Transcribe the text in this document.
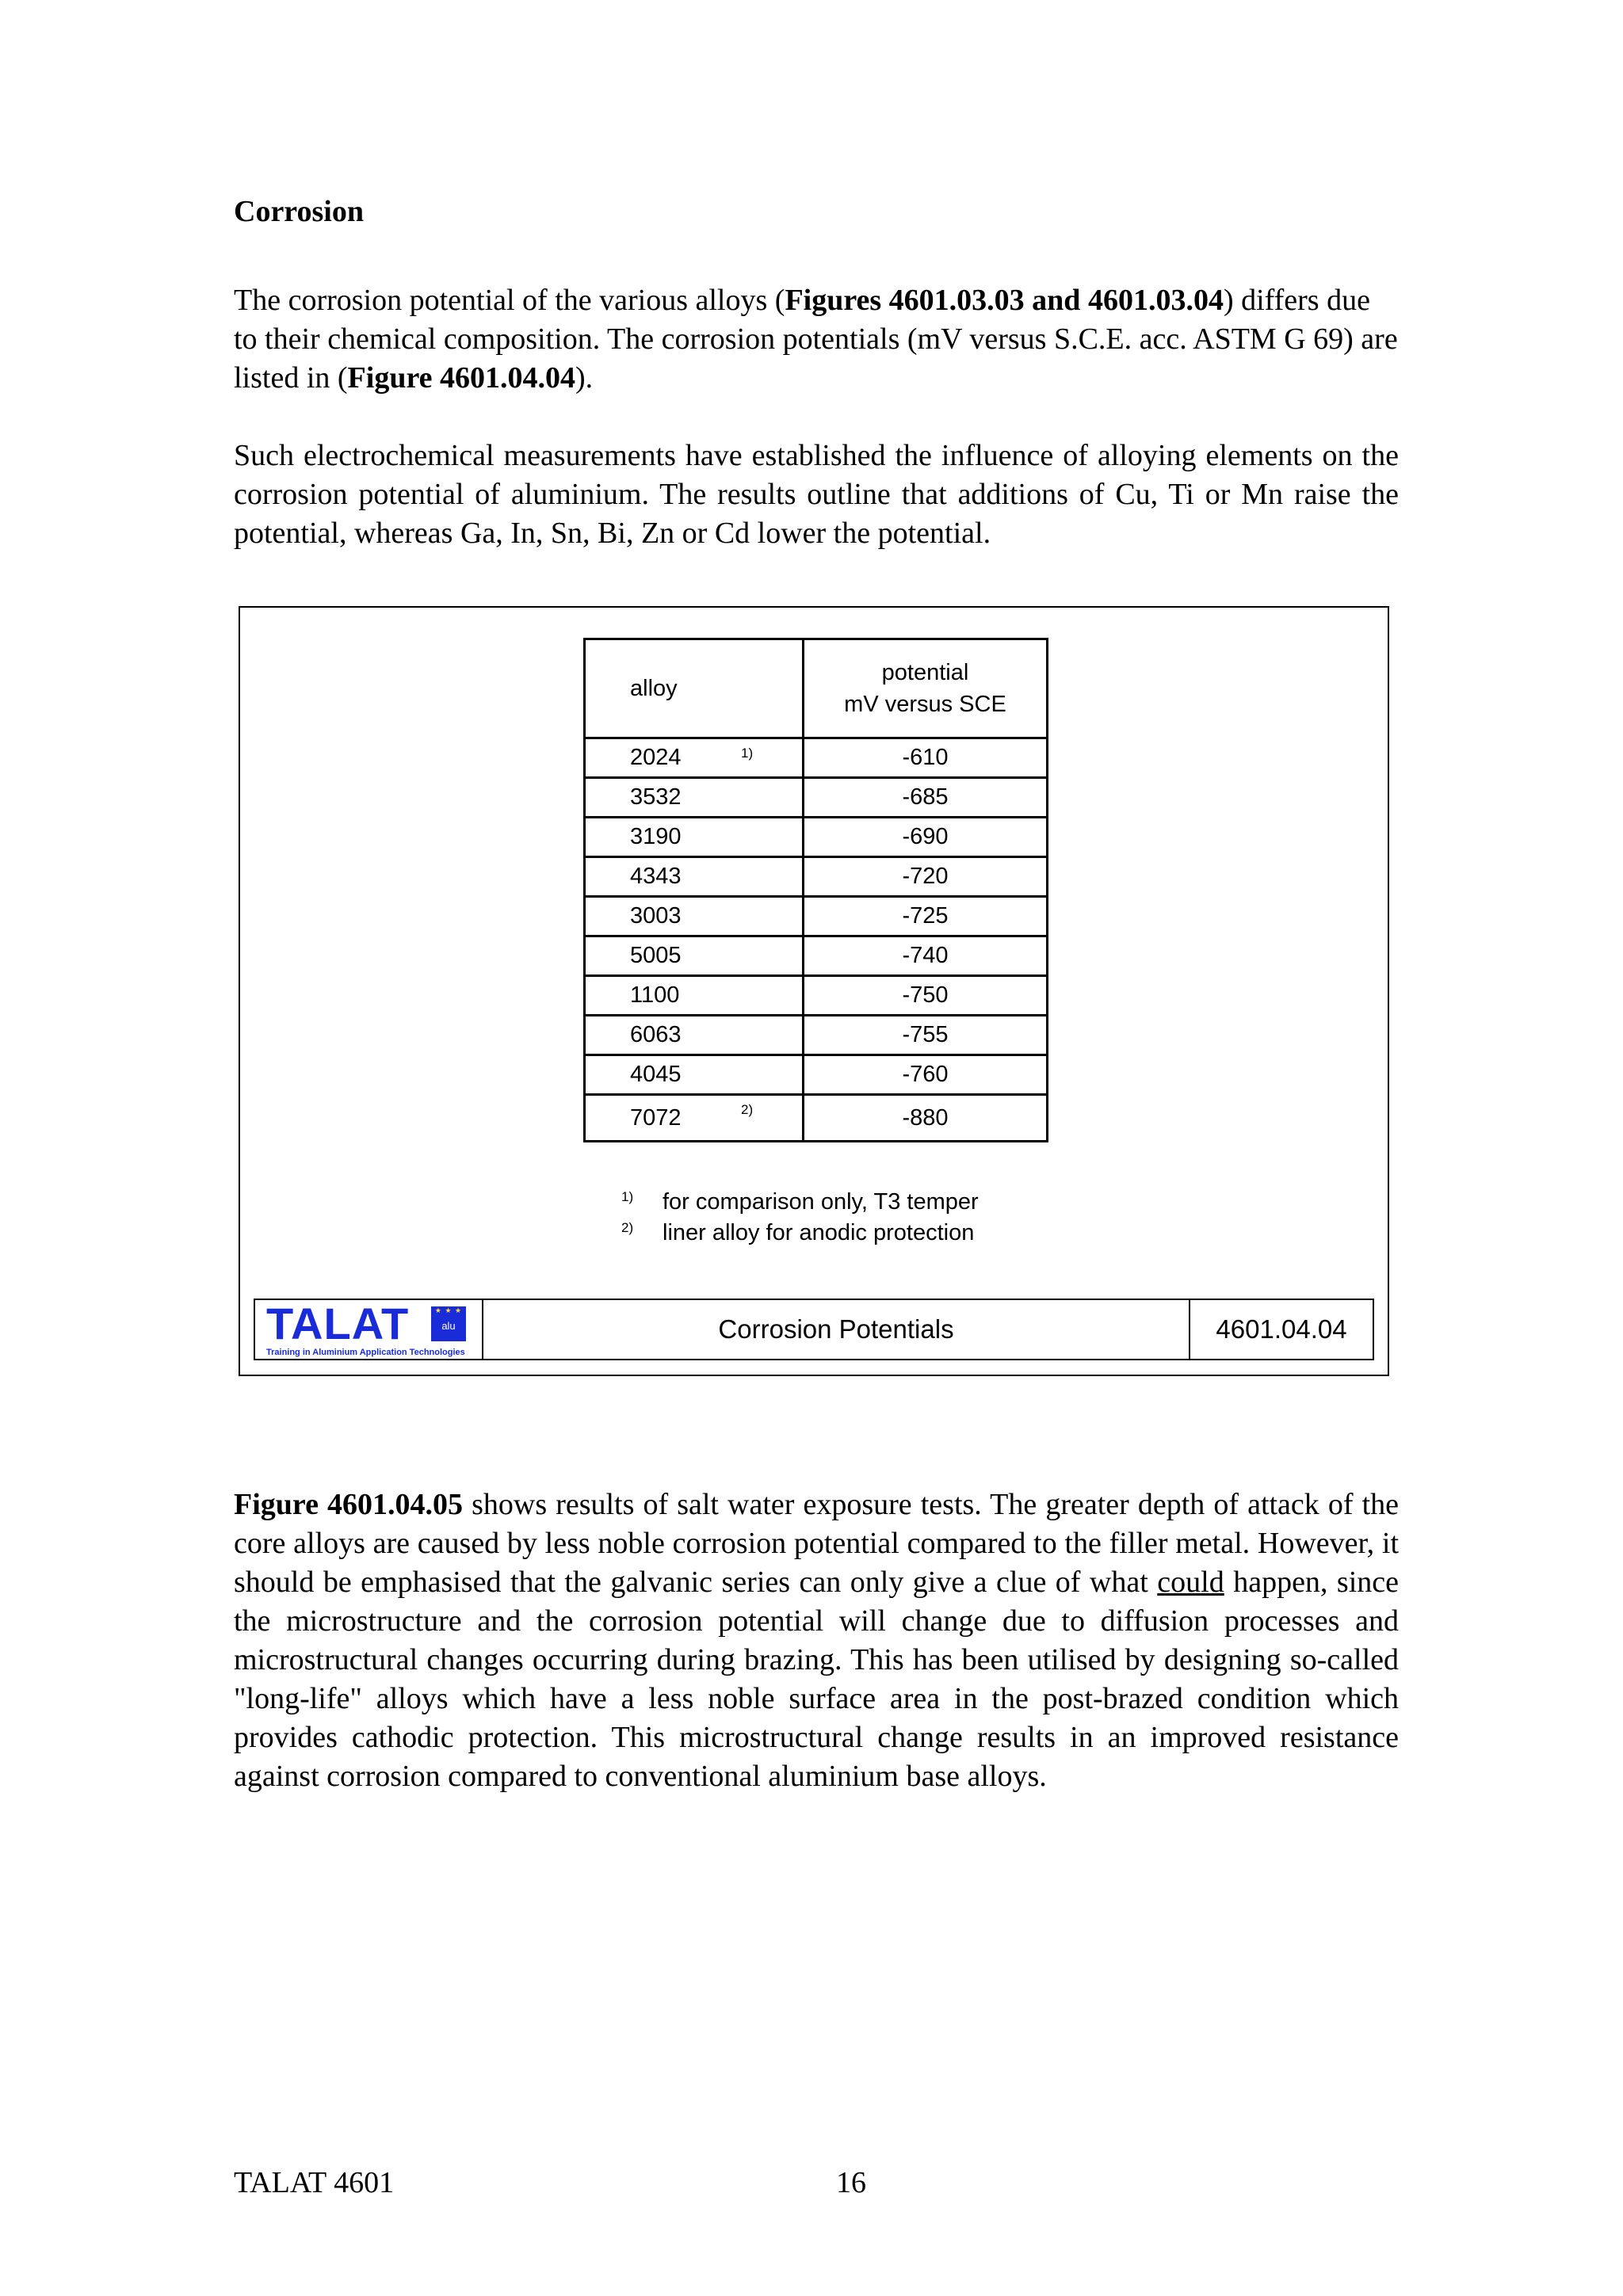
Corrosion
The corrosion potential of the various alloys (Figures 4601.03.03 and 4601.03.04) differs due to their chemical composition. The corrosion potentials (mV versus S.C.E. acc. ASTM G 69) are listed in (Figure 4601.04.04).
Such electrochemical measurements have established the influence of alloying elements on the corrosion potential of aluminium. The results outline that additions of Cu, Ti or Mn raise the potential, whereas Ga, In, Sn, Bi, Zn or Cd lower the potential.
alloy	potential
mV versus SCE

2024 1)	-610
3532	-685
3190	-690
4343	-720
3003	-725
5005	-740
1100	-750
6063	-755
4045	-760
7072 2)	-880
1) for comparison only, T3 temper
2) liner alloy for anodic protection
TALAT	★ ★ ★
alu
Training in Aluminium Application Technologies
Corrosion Potentials	4601.04.04
Figure 4601.04.05 shows results of salt water exposure tests. The greater depth of attack of the core alloys are caused by less noble corrosion potential compared to the filler metal. However, it should be emphasised that the galvanic series can only give a clue of what could happen, since the microstructure and the corrosion potential will change due to diffusion processes and microstructural changes occurring during brazing. This has been utilised by designing so-called "long-life" alloys which have a less noble surface area in the post-brazed condition which provides cathodic protection. This microstructural change results in an improved resistance against corrosion compared to conventional aluminium base alloys.
TALAT 4601	16
